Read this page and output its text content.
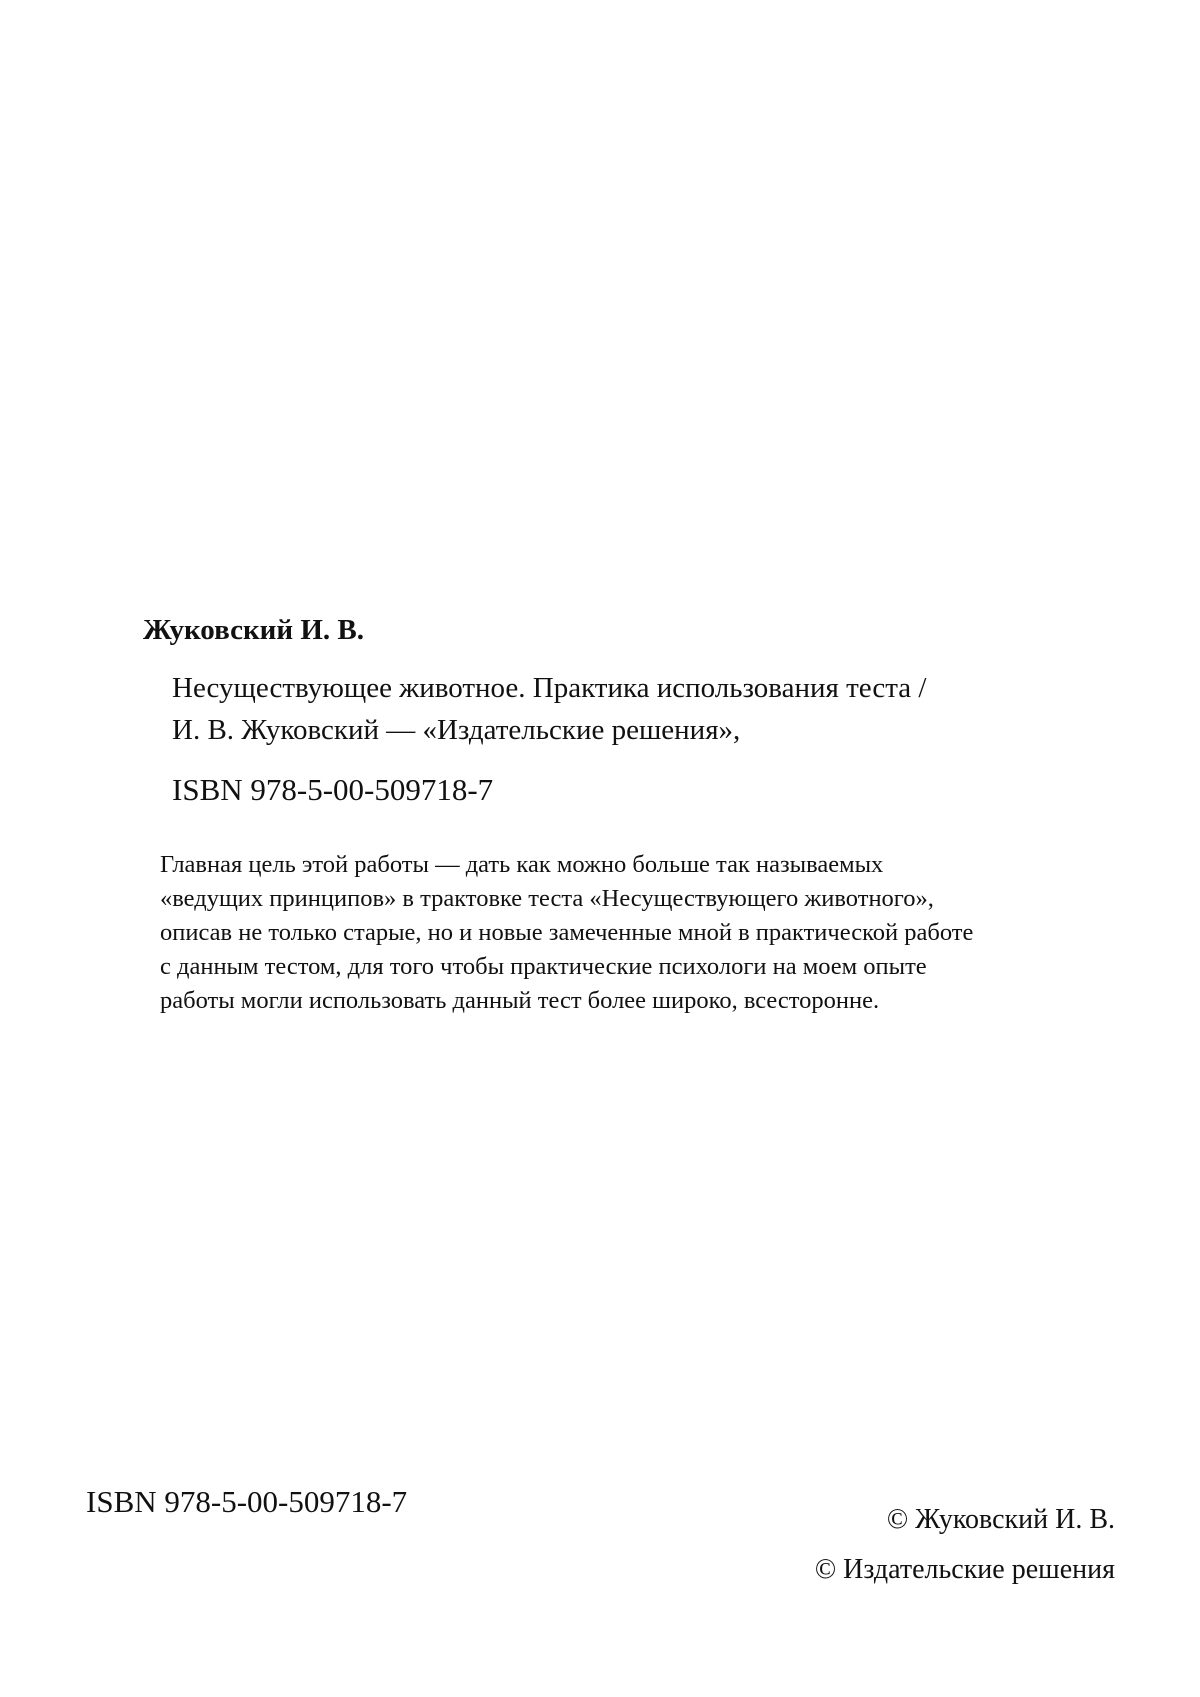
Жуковский И. В.
Несуществующее животное. Практика использования теста /
И. В. Жуковский — «Издательские решения»,
ISBN 978-5-00-509718-7
Главная цель этой работы — дать как можно больше так называемых
«ведущих принципов» в трактовке теста «Несуществующего животного»,
описав не только старые, но и новые замеченные мной в практической работе
с данным тестом, для того чтобы практические психологи на моем опыте
работы могли использовать данный тест более широко, всесторонне.
ISBN 978-5-00-509718-7
© Жуковский И. В.
© Издательские решения
